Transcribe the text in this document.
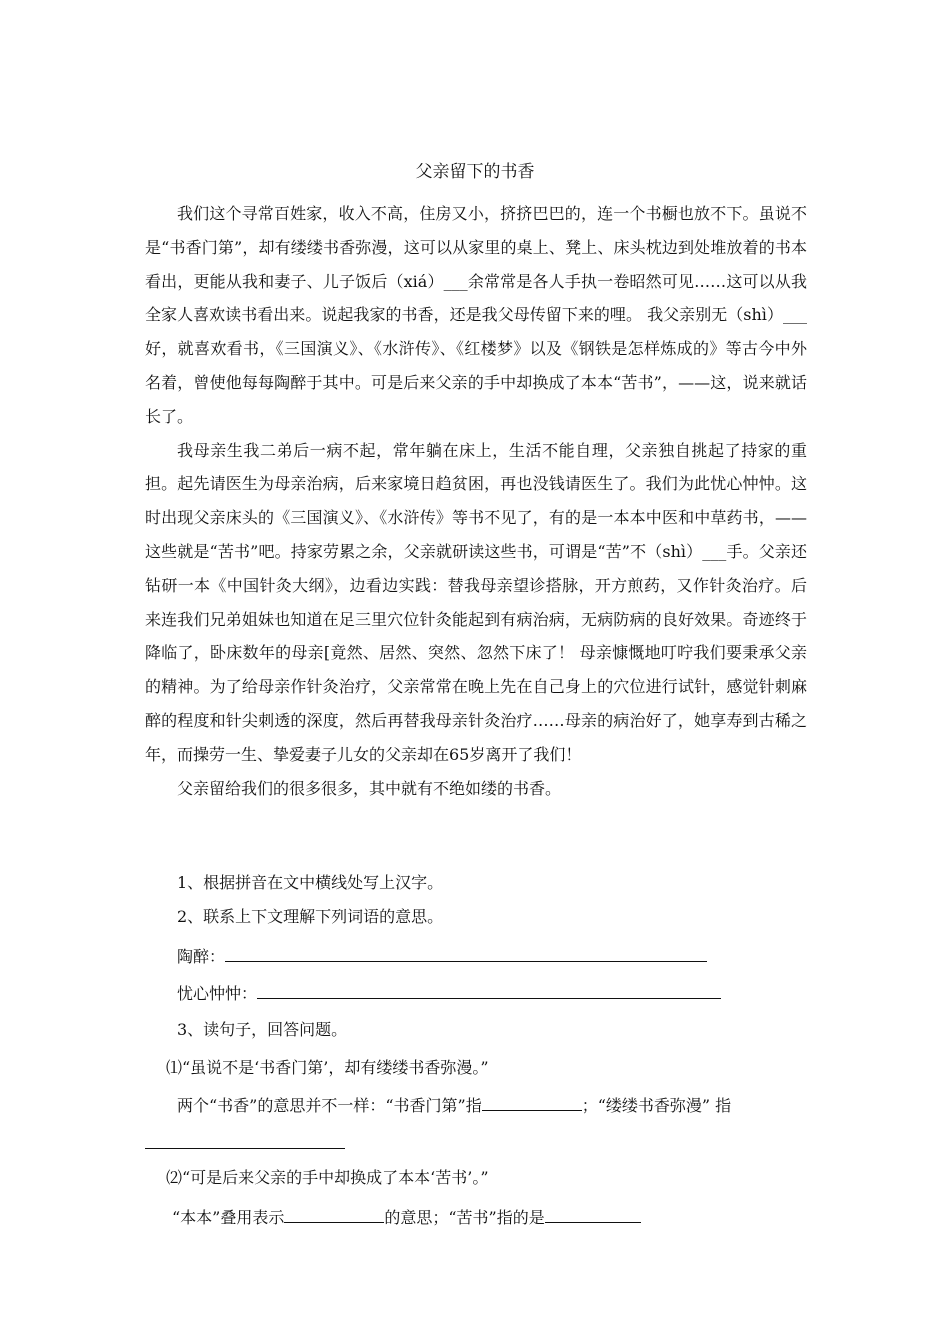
父亲留下的书香

我们这个寻常百姓家，收入不高，住房又小，挤挤巴巴的，连一个书橱也放不下。虽说不是“书香门第”，却有缕缕书香弥漫，这可以从家里的桌上、凳上、床头枕边到处堆放着的书本看出，更能从我和妻子、儿子饭后（xiá）___余常常是各人手执一卷昭然可见……这可以从我全家人喜欢读书看出来。说起我家的书香，还是我父母传留下来的哩。 我父亲别无（shì）___好，就喜欢看书，《三国演义》、《水浒传》、《红楼梦》以及《钢铁是怎样炼成的》等古今中外名着，曾使他每每陶醉于其中。可是后来父亲的手中却换成了本本“苦书”，——这，说来就话长了。

我母亲生我二弟后一病不起，常年躺在床上，生活不能自理，父亲独自挑起了持家的重担。起先请医生为母亲治病，后来家境日趋贫困，再也没钱请医生了。我们为此忧心忡忡。这时出现父亲床头的《三国演义》、《水浒传》等书不见了，有的是一本本中医和中草药书，——这些就是“苦书”吧。持家劳累之余，父亲就研读这些书，可谓是“苦”不（shì）___手。父亲还钻研一本《中国针灸大纲》，边看边实践：替我母亲望诊搭脉，开方煎药，又作针灸治疗。后来连我们兄弟姐妹也知道在足三里穴位针灸能起到有病治病，无病防病的良好效果。奇迹终于降临了，卧床数年的母亲[竟然、居然、突然、忽然下床了！ 母亲慷慨地叮咛我们要秉承父亲的精神。为了给母亲作针灸治疗，父亲常常在晚上先在自己身上的穴位进行试针，感觉针刺麻醉的程度和针尖刺透的深度，然后再替我母亲针灸治疗……母亲的病治好了，她享寿到古稀之年，而操劳一生、挚爱妻子儿女的父亲却在65岁离开了我们！

父亲留给我们的很多很多，其中就有不绝如缕的书香。

1、根据拼音在文中横线处写上汉字。
2、联系上下文理解下列词语的意思。
陶醉：
忧心忡忡：
3、读句子，回答问题。
⑴“虽说不是‘书香门第’，却有缕缕书香弥漫。”
两个“书香”的意思并不一样：“书香门第”指	；“缕缕书香弥漫” 指
⑵“可是后来父亲的手中却换成了本本‘苦书’。”
“本本”叠用表示	的意思；“苦书”指的是
